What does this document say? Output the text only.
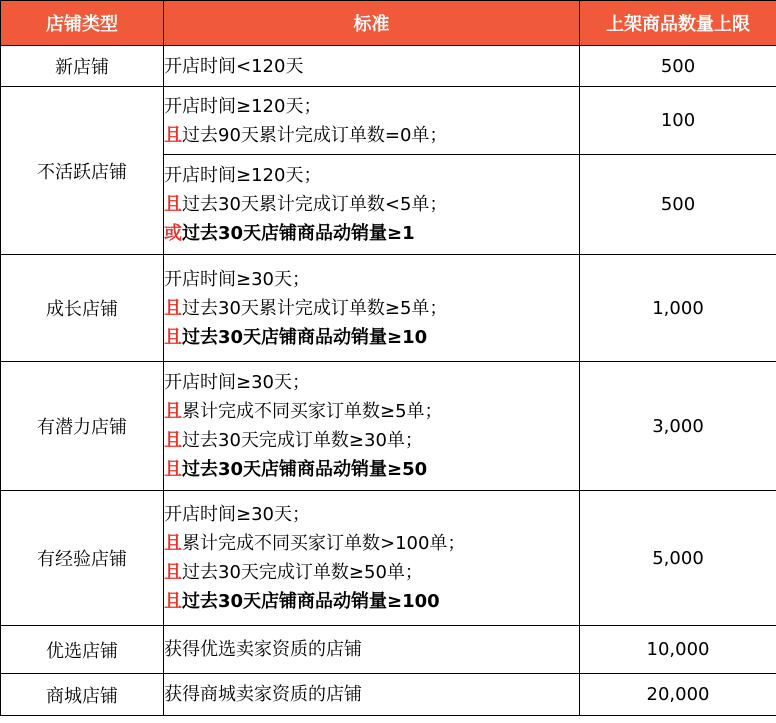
店铺类型	标准	上架商品数量上限
新店铺	开店时间<120天	500
不活跃店铺	开店时间≥120天；
且过去90天累计完成订单数=0单；	100

	开店时间≥120天；
且过去30天累计完成订单数<5单；
或过去30天店铺商品动销量≥1	500
成长店铺	开店时间≥30天；
且过去30天累计完成订单数≥5单；
且过去30天店铺商品动销量≥10	1,000
有潜力店铺	开店时间≥30天；
且累计完成不同买家订单数≥5单；
且过去30天完成订单数≥30单；
且过去30天店铺商品动销量≥50	3,000
有经验店铺	开店时间≥30天；
且累计完成不同买家订单数>100单；
且过去30天完成订单数≥50单；
且过去30天店铺商品动销量≥100	5,000
优选店铺	获得优选卖家资质的店铺	10,000
商城店铺	获得商城卖家资质的店铺	20,000
